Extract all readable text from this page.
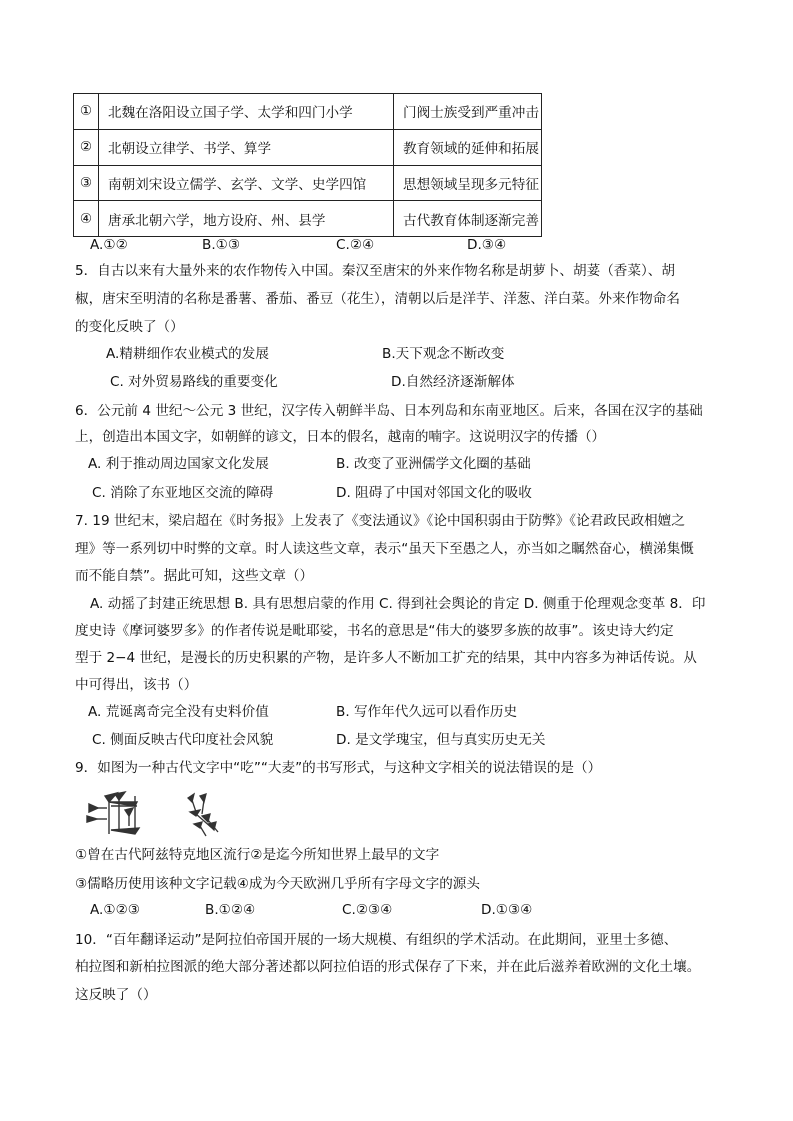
①	北魏在洛阳设立国子学、太学和四门小学	门阀士族受到严重冲击
②	北朝设立律学、书学、算学	教育领域的延伸和拓展
③	南朝刘宋设立儒学、玄学、文学、史学四馆	思想领域呈现多元特征
④	唐承北朝六学，地方设府、州、县学	古代教育体制逐渐完善
A.①②	B.①③	C.②④	D.③④
5．自古以来有大量外来的农作物传入中国。秦汉至唐宋的外来作物名称是胡萝卜、胡荽（香菜）、胡
椒，唐宋至明清的名称是番薯、番茄、番豆（花生），清朝以后是洋芋、洋葱、洋白菜。外来作物命名
的变化反映了（）
A.精耕细作农业模式的发展	B.天下观念不断改变
C. 对外贸易路线的重要变化	D.自然经济逐渐解体
6．公元前 4 世纪～公元 3 世纪，汉字传入朝鲜半岛、日本列岛和东南亚地区。后来，各国在汉字的基础
上，创造出本国文字，如朝鲜的谚文，日本的假名，越南的喃字。这说明汉字的传播（）
A. 利于推动周边国家文化发展	B. 改变了亚洲儒学文化圈的基础
C. 消除了东亚地区交流的障碍	D. 阻碍了中国对邻国文化的吸收
7. 19 世纪末，梁启超在《时务报》上发表了《变法通议》《论中国积弱由于防弊》《论君政民政相嬗之
理》等一系列切中时弊的文章。时人读这些文章，表示“虽天下至愚之人，亦当如之瞩然奋心，横涕集慨
而不能自禁”。据此可知，这些文章（）
A. 动摇了封建正统思想 B. 具有思想启蒙的作用 C. 得到社会舆论的肯定 D. 侧重于伦理观念变革 8．印
度史诗《摩诃婆罗多》的作者传说是毗耶娑，书名的意思是“伟大的婆罗多族的故事”。该史诗大约定
型于 2−4 世纪，是漫长的历史积累的产物，是许多人不断加工扩充的结果，其中内容多为神话传说。从
中可得出，该书（）
A. 荒诞离奇完全没有史料价值	B. 写作年代久远可以看作历史
C. 侧面反映古代印度社会风貌	D. 是文学瑰宝，但与真实历史无关
9．如图为一种古代文字中“吃”“大麦”的书写形式，与这种文字相关的说法错误的是（）
①曾在古代阿兹特克地区流行②是迄今所知世界上最早的文字
③儒略历使用该种文字记载④成为今天欧洲几乎所有字母文字的源头
A.①②③	B.①②④	C.②③④	D.①③④
10．“百年翻译运动”是阿拉伯帝国开展的一场大规模、有组织的学术活动。在此期间，亚里士多德、
柏拉图和新柏拉图派的绝大部分著述都以阿拉伯语的形式保存了下来，并在此后滋养着欧洲的文化土壤。
这反映了（）
